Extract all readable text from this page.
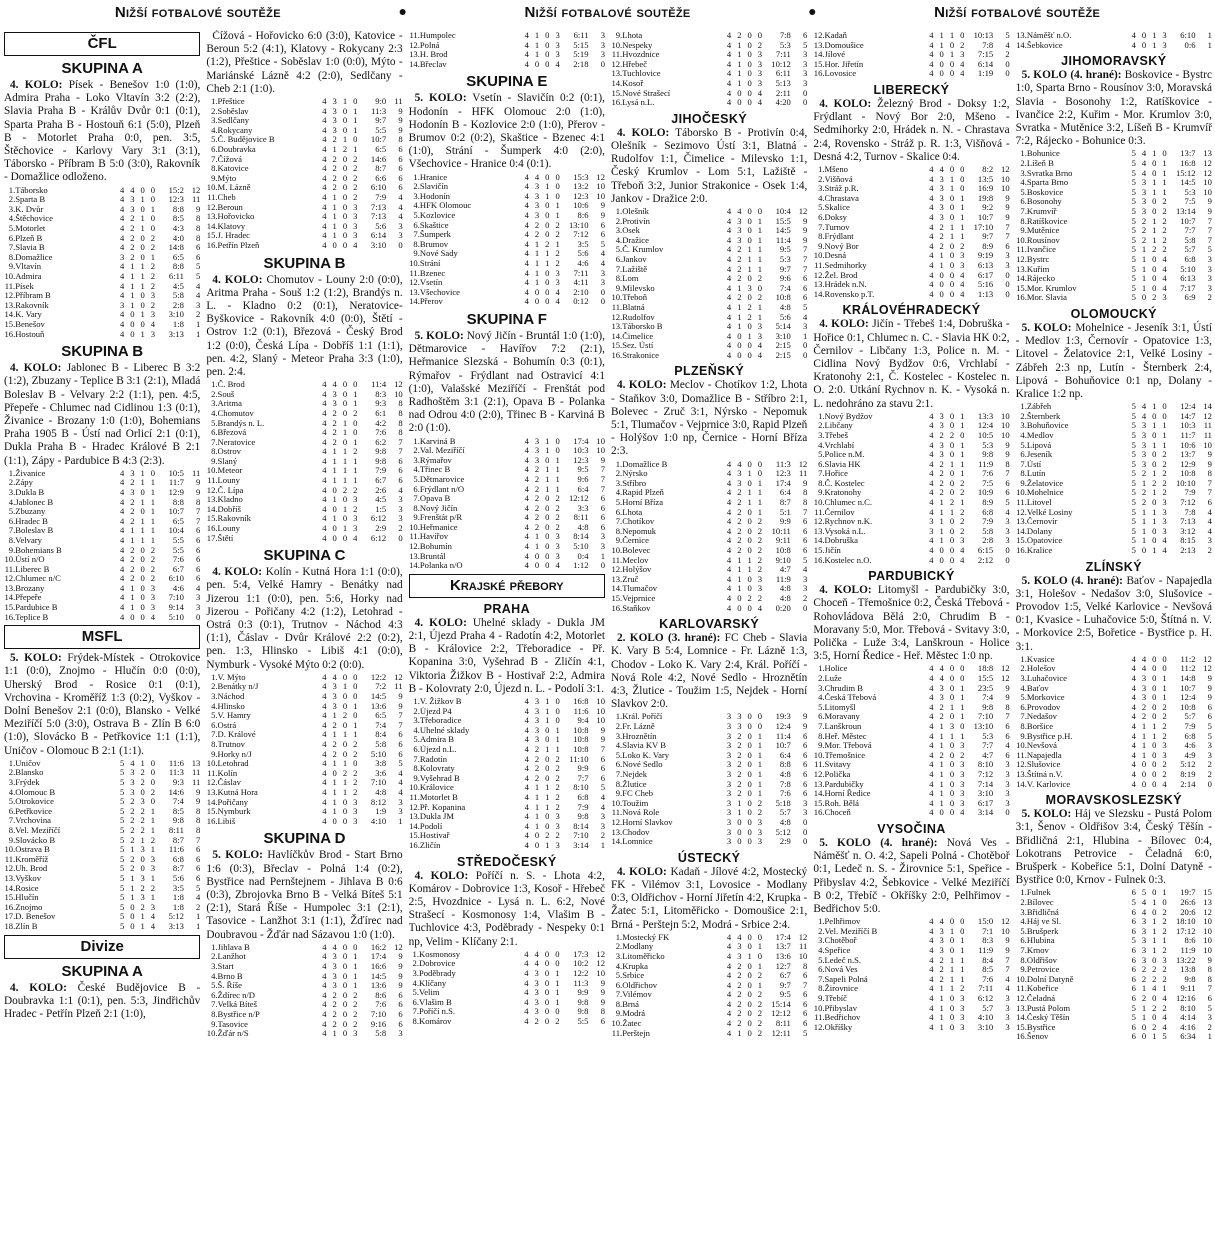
Nižší fotbalové soutěže	●	Nižší fotbalové soutěže	●	Nižší fotbalové soutěže
ČFL
SKUPINA A

4. KOLO: Písek - Benešov 1:0 (1:0), Admira Praha - Loko Vltavín 3:2 (2:2), Slavia Praha B - Králův Dvůr 0:1 (0:1), Sparta Praha B - Hostouň 6:1 (5:0), Plzeň B - Motorlet Praha 0:0, pen. 3:5, Štěchovice - Karlovy Vary 3:1 (3:1), Táborsko - Příbram B 5:0 (3:0), Rakovník - Domažlice odloženo.

1.	Táborsko	4	4	0	0	15:2	12
2.	Sparta B	4	3	1	0	12:3	11
3.	K. Dvůr	4	3	0	1	8:8	9
4.	Štěchovice	4	2	1	0	8:5	8
5.	Motorlet	4	2	1	0	4:3	8
6.	Plzeň B	4	2	0	2	4:0	8
7.	Slavia B	4	2	0	2	14:8	6
8.	Domažlice	3	2	0	1	6:5	6
9.	Vltavín	4	1	1	2	8:8	5
10.	Admira	4	1	1	2	6:11	5
11.	Písek	4	1	1	2	4:5	4
12.	Příbram B	4	1	0	3	5:8	4
13.	Rakovník	3	1	0	2	2:8	3
14.	K. Vary	4	0	1	3	3:10	2
15.	Benešov	4	0	0	4	1:8	1
16.	Hostouň	4	0	1	3	3:13	1
SKUPINA B

4. KOLO: Jablonec B - Liberec B 3:2 (1:2), Zbuzany - Teplice B 3:1 (2:1), Mladá Boleslav B - Velvary 2:2 (1:1), pen. 4:5, Přepeře - Chlumec nad Cidlinou 1:3 (0:1), Živanice - Brozany 1:0 (1:0), Bohemians Praha 1905 B - Ústí nad Orlicí 2:1 (0:1), Dukla Praha B - Hradec Králové B 2:1 (1:1), Zápy - Pardubice B 4:3 (2:3).

1.	Živanice	4	3	1	0	10:5	11
2.	Zápy	4	2	1	1	11:7	9
3.	Dukla B	4	3	0	1	12:9	9
4.	Jablonec B	4	2	1	1	8:8	8
5.	Zbuzany	4	2	0	1	10:7	7
6.	Hradec B	4	2	1	1	6:5	7
7.	Boleslav B	4	1	1	1	10:4	6
8.	Velvary	4	1	1	1	5:5	6
9.	Bohemians B	4	2	0	2	5:5	6
10.	Ústí n/O	4	2	0	2	7:6	6
11.	Liberec B	4	2	0	2	6:7	6
12.	Chlumec n/C	4	2	0	2	6:10	6
13.	Brozany	4	1	0	3	4:6	4
14.	Přepeře	4	1	0	3	7:10	3
15.	Pardubice B	4	1	0	3	9:14	3
16.	Teplice B	4	0	0	4	5:10	0
MSFL

5. KOLO: Frýdek-Místek - Otrokovice 1:1 (0:0), Znojmo - Hlučín 0:0 (0:0), Uherský Brod - Rosice 0:1 (0:1), Vrchovina - Kroměříž 1:3 (0:2), Vyškov - Dolní Benešov 2:1 (0:0), Blansko - Velké Meziříčí 5:0 (3:0), Ostrava B - Zlín B 6:0 (1:0), Slovácko B - Petřkovice 1:1 (1:1), Uničov - Olomouc B 2:1 (1:1).

1.	Uničov	5	4	1	0	11:6	13
2.	Blansko	5	3	2	0	11:3	11
3.	Frýdek	5	3	2	0	9:3	11
4.	Olomouc B	5	3	0	2	14:6	9
5.	Otrokovice	5	2	3	0	7:4	9
6.	Petřkovice	5	2	2	1	8:5	8
7.	Vrchovina	5	2	2	1	9:8	8
8.	Vel. Meziříčí	5	2	2	1	8:11	8
9.	Slovácko B	5	2	1	2	8:7	7
10.	Ostrava B	5	1	3	1	11:6	6
11.	Kroměříž	5	2	0	3	6:8	6
12.	Uh. Brod	5	2	0	3	8:7	6
13.	Vyškov	5	1	3	1	5:6	6
14.	Rosice	5	1	2	2	3:5	5
15.	Hlučín	5	1	3	1	1:8	4
16.	Znojmo	5	0	2	3	1:8	2
17.	D. Benešov	5	0	1	4	5:12	1
18.	Zlín B	5	0	1	4	3:13	1
Divize
SKUPINA A

4. KOLO: České Budějovice B - Doubravka 1:1 (0:1), pen. 5:3, Jindřichův Hradec - Petřín Plzeň 2:1 (1:0),

Čížová - Hořovicko 6:0 (3:0), Katovice - Beroun 5:2 (4:1), Klatovy - Rokycany 2:3 (1:2), Přeštice - Soběslav 1:0 (0:0), Mýto - Mariánské Lázně 4:2 (2:0), Sedlčany - Cheb 2:1 (1:0).

1.	Přeštice	4	3	1	0	9:0	11
2.	Soběslav	4	3	0	1	11:3	9
3.	Sedlčany	4	3	0	1	9:7	9
4.	Rokycany	4	3	0	1	5:5	9
5.	Č. Budějovice B	4	2	1	0	10:7	8
6.	Doubravka	4	1	2	1	6:5	6
7.	Čížová	4	2	0	2	14:6	6
8.	Katovice	4	2	0	2	8:7	6
9.	Mýto	4	2	0	2	6:6	6
10.	M. Lázně	4	2	0	2	6:10	6
11.	Cheb	4	1	0	2	7:9	4
12.	Beroun	4	1	0	3	7:13	4
13.	Hořovicko	4	1	0	3	7:13	4
14.	Klatovy	4	1	0	3	5:6	3
15.	J. Hradec	4	1	0	3	6:14	3
16.	Petřín Plzeň	4	0	0	4	3:10	0
SKUPINA B

4. KOLO: Chomutov - Louny 2:0 (0:0), Aritma Praha - Souš 1:2 (1:2), Brandýs n. L. - Kladno 0:2 (0:1), Neratovice-Byškovice - Rakovník 4:0 (0:0), Štětí - Ostrov 1:2 (0:1), Březová - Český Brod 1:2 (0:0), Česká Lípa - Dobříš 1:1 (1:1), pen. 4:2, Slaný - Meteor Praha 3:3 (1:0), pen. 2:4.

1.	Č. Brod	4	4	0	0	11:4	12
2.	Souš	4	3	0	1	8:3	10
3.	Aritma	4	3	0	1	9:3	8
4.	Chomutov	4	2	0	2	6:1	8
5.	Brandýs n. L.	4	2	1	0	4:2	8
6.	Březová	4	2	1	0	7:6	8
7.	Neratovice	4	2	0	1	6:2	7
8.	Ostrov	4	1	1	2	9:8	7
9.	Slaný	4	1	1	1	9:8	6
10.	Meteor	4	1	1	1	7:9	6
11.	Louny	4	1	1	1	6:7	6
12.	Č. Lípa	4	0	2	2	2:6	4
13.	Kladno	4	1	0	3	4:5	3
14.	Dobříš	4	0	1	2	1:5	3
15.	Rakovník	4	1	0	3	6:12	3
16.	Louny	4	0	1	3	2:9	2
17.	Štětí	4	0	0	4	6:12	0
SKUPINA C

4. KOLO: Kolín - Kutná Hora 1:1 (0:0), pen. 5:4, Velké Hamry - Benátky nad Jizerou 1:1 (0:0), pen. 5:6, Horky nad Jizerou - Pořičany 4:2 (1:2), Letohrad - Ostrá 0:3 (0:1), Trutnov - Náchod 4:3 (1:1), Čáslav - Dvůr Králové 2:2 (0:2), pen. 1:3, Hlinsko - Libiš 4:1 (0:0), Nymburk - Vysoké Mýto 0:2 (0:0).

1.	V. Mýto	4	4	0	0	12:2	12
2.	Benátky n/J	4	3	1	0	7:2	11
3.	Náchod	4	3	0	0	14:5	9
4.	Hlinsko	4	3	0	1	13:6	9
5.	V. Hamry	4	1	2	0	6:5	7
6.	Ostrá	4	2	0	1	7:4	7
7.	D. Králové	4	1	1	1	8:4	6
8.	Trutnov	4	2	0	2	5:8	6
9.	Horky n/J	4	2	0	2	5:10	6
10.	Letohrad	4	1	1	0	3:8	5
11.	Kolín	4	0	2	2	3:6	4
12.	Čáslav	4	1	1	2	7:10	4
13.	Kutná Hora	4	1	1	2	4:8	4
14.	Pořičany	4	1	0	3	8:12	3
15.	Nymburk	4	1	0	3	1:9	3
16.	Libiš	4	0	0	3	4:10	1
SKUPINA D

5. KOLO: Havlíčkův Brod - Start Brno 1:6 (0:3), Břeclav - Polná 1:4 (0:2), Bystřice nad Pernštejnem - Jihlava B 0:6 (0:3), Zbrojovka Brno B - Velká Bíteš 5:1 (2:1), Stará Říše - Humpolec 3:1 (2:1), Tasovice - Lanžhot 3:1 (1:1), Žďírec nad Doubravou - Žďár nad Sázavou 1:0 (1:0).

1.	Jihlava B	4	4	0	0	16:2	12
2.	Lanžhot	4	3	0	1	17:4	9
3.	Start	4	3	0	1	16:6	9
4.	Brno B	4	3	0	1	14:5	9
5.	Š. Říše	4	3	0	1	13:6	9
6.	Ždírec n/D	4	2	0	2	8:6	6
7.	Velká Bíteš	4	2	0	2	7:6	6
8.	Bystřice n/P	4	2	0	2	7:10	6
9.	Tasovice	4	2	0	2	9:16	6
10.	Žďár n/S	4	1	0	3	5:8	3
11.	Humpolec	4	1	0	3	6:11	3
12.	Polná	4	1	0	3	5:15	3
13.	H. Brod	4	1	0	3	5:19	3
14.	Břeclav	4	0	0	4	2:18	0
SKUPINA E

5. KOLO: Vsetín - Slavičín 0:2 (0:1), Hodonín - HFK Olomouc 2:0 (1:0), Hodonín B - Kozlovice 2:0 (1:0), Přerov - Brumov 0:2 (0:2), Skaštice - Bzenec 4:1 (1:0), Strání - Šumperk 4:0 (2:0), Všechovice - Hranice 0:4 (0:1).

1.	Hranice	4	4	0	0	15:3	12
2.	Slavičín	4	3	1	0	13:2	10
3.	Hodonín	4	3	1	0	12:3	10
4.	HFK Olomouc	4	3	0	1	10:6	9
5.	Kozlovice	4	3	0	1	8:6	9
6.	Skaštice	4	2	0	2	13:10	6
7.	Šumperk	4	2	0	2	7:12	6
8.	Brumov	4	1	2	1	3:5	5
9.	Nové Sady	4	1	1	2	5:6	4
10.	Strání	4	1	1	2	4:6	4
11.	Bzenec	4	1	0	3	7:11	3
12.	Vsetín	4	1	0	3	4:11	3
13.	Všechovice	4	0	0	4	2:10	0
14.	Přerov	4	0	0	4	0:12	0
SKUPINA F

5. KOLO: Nový Jičín - Bruntál 1:0 (1:0), Dětmarovice - Havířov 7:2 (2:1), Heřmanice Slezská - Bohumín 0:3 (0:1), Rýmařov - Frýdlant nad Ostravicí 4:1 (1:0), Valašské Meziříčí - Frenštát pod Radhoštěm 3:1 (2:1), Opava B - Polanka nad Odrou 4:0 (2:0), Třinec B - Karviná B 2:0 (1:0).

1.	Karviná B	4	3	1	0	17:4	10
2.	Val. Meziříčí	4	3	1	0	10:3	10
3.	Rýmařov	4	3	0	1	12:3	9
4.	Třinec B	4	2	1	1	9:5	7
5.	Dětmarovice	4	2	1	1	9:6	7
6.	Frýdlant n/O	4	2	1	1	6:4	7
7.	Opava B	4	2	0	2	12:12	6
8.	Nový Jičín	4	2	0	2	3:3	6
9.	Frenštát p/R	4	2	0	2	8:11	6
10.	Heřmanice	4	2	0	2	4:8	6
11.	Havířov	4	1	0	3	8:14	3
12.	Bohumín	4	1	0	3	5:10	3
13.	Bruntál	4	0	0	3	0:4	1
14.	Polanka n/O	4	0	0	4	1:12	0
Krajské přebory
PRAHA

4. KOLO: Uhelné sklady - Dukla JM 2:1, Újezd Praha 4 - Radotín 4:2, Motorlet B - Královice 2:2, Třeboradice - Př. Kopanina 3:0, Vyšehrad B - Zličín 4:1, Viktoria Žižkov B - Hostivař 2:2, Admira B - Kolovraty 2:0, Újezd n. L. - Podolí 3:1.

1.	V. Žižkov B	4	3	1	0	16:8	10
2.	Újezd P4	4	3	1	0	11:6	10
3.	Třeboradice	4	3	1	0	9:4	10
4.	Uhelné sklady	4	3	0	1	10:8	9
5.	Admira B	4	3	0	1	10:8	9
6.	Újezd n.L.	4	2	1	1	10:8	7
7.	Radotín	4	2	0	2	11:10	6
8.	Kolovraty	4	2	0	2	9:9	6
9.	Vyšehrad B	4	2	0	2	7:7	6
10.	Královice	4	1	1	2	8:10	5
11.	Motorlet B	4	1	1	2	6:8	4
12.	Př. Kopanina	4	1	1	2	7:9	4
13.	Dukla JM	4	1	0	3	9:8	3
14.	Podolí	4	1	0	3	8:14	3
15.	Hostivař	4	0	2	2	7:10	2
16.	Zličín	4	0	1	3	3:14	1
STŘEDOČESKÝ

4. KOLO: Poříčí n. S. - Lhota 4:2, Komárov - Dobrovice 1:3, Kosoř - Hřebeč 2:5, Hvozdnice - Lysá n. L. 6:2, Nové Strašecí - Kosmonosy 1:4, Vlašim B - Tuchlovice 4:3, Poděbrady - Nespeky 0:1 np, Velim - Klíčany 2:1.

1.	Kosmonosy	4	4	0	0	17:3	12
2.	Dobrovice	4	4	0	0	10:2	12
3.	Poděbrady	4	3	0	1	12:2	10
4.	Klíčany	4	3	0	1	11:3	9
5.	Velim	4	3	0	1	9:9	9
6.	Vlašim B	4	3	0	1	9:8	9
7.	Poříčí n.S.	4	3	0	0	9:8	8
8.	Komárov	4	2	0	2	5:5	6
9.	Lhota	4	2	0	0	7:8	6
10.	Nespeky	4	1	0	2	5:3	5
11.	Hvozdnice	4	1	0	3	7:11	3
12.	Hřebeč	4	1	0	3	10:12	3
13.	Tuchlovice	4	1	0	3	6:11	3
14.	Kosoř	4	1	0	3	5:13	3
15.	Nové Strašecí	4	0	0	4	2:11	0
16.	Lysá n.L.	4	0	0	4	4:20	0
JIHOČESKÝ

4. KOLO: Táborsko B - Protivín 0:4, Olešník - Sezimovo Ústí 3:1, Blatná - Rudolfov 1:1, Čimelice - Milevsko 1:1, Český Krumlov - Lom 5:1, Lažiště - Třeboň 3:2, Junior Strakonice - Osek 1:4, Jankov - Dražice 2:0.

1.	Olešník	4	4	0	0	10:4	12
2.	Protivín	4	3	0	1	15:5	9
3.	Osek	4	3	0	1	14:5	9
4.	Dražice	4	3	0	1	11:4	9
5.	Č. Krumlov	4	2	1	1	9:5	7
6.	Jankov	4	2	1	1	5:3	7
7.	Lažiště	4	2	1	1	9:7	7
8.	Lom	4	2	0	2	9:6	6
9.	Milevsko	4	1	3	0	7:4	6
10.	Třeboň	4	2	0	2	10:8	6
11.	Blatná	4	1	2	1	4:8	5
12.	Rudolfov	4	1	2	1	5:6	4
13.	Táborsko B	4	1	0	3	5:14	3
14.	Čimelice	4	0	1	3	3:10	1
15.	Sez. Ústí	4	0	0	4	2:15	0
16.	Strakonice	4	0	0	4	2:15	0
PLZEŇSKÝ

4. KOLO: Meclov - Chotíkov 1:2, Lhota - Staňkov 3:0, Domažlice B - Stříbro 2:1, Bolevec - Zruč 3:1, Nýrsko - Nepomuk 5:1, Tlumačov - Vejprnice 3:0, Rapid Plzeň - Holýšov 1:0 np, Černice - Horní Bříza 2:3.

1.	Domažlice B	4	4	0	0	11:3	12
2.	Nýrsko	4	3	1	0	12:3	11
3.	Stříbro	4	3	0	1	17:4	9
4.	Rapid Plzeň	4	2	1	1	6:4	8
5.	Horní Bříza	4	2	1	1	8:7	8
6.	Lhota	4	2	0	1	5:1	7
7.	Chotíkov	4	2	0	2	9:9	6
8.	Nepomuk	4	2	0	2	10:11	6
9.	Černice	4	2	0	2	9:11	6
10.	Bolevec	4	2	0	2	10:8	6
11.	Meclov	4	1	1	2	9:10	5
12.	Holýšov	4	1	1	2	4:7	4
13.	Zruč	4	1	0	3	11:9	3
14.	Tlumačov	4	1	0	3	4:8	3
15.	Vejprnice	4	0	2	2	4:8	2
16.	Staňkov	4	0	0	4	0:20	0
KARLOVARSKÝ

2. KOLO (3. hrané): FC Cheb - Slavia K. Vary B 5:4, Lomnice - Fr. Lázně 1:3, Chodov - Loko K. Vary 2:4, Král. Poříčí - Nová Role 4:2, Nové Sedlo - Hroznětín 4:3, Žlutice - Toužim 1:5, Nejdek - Horní Slavkov 2:0.

1.	Král. Poříčí	3	3	0	0	19:3	9
2.	Fr. Lázně	3	3	0	0	12:4	9
3.	Hroznětín	3	2	0	1	11:4	6
4.	Slavia KV B	3	2	0	1	10:7	6
5.	Loko K. Vary	3	2	0	1	6:4	6
6.	Nové Sedlo	3	2	0	1	8:8	6
7.	Nejdek	3	2	0	1	4:8	6
8.	Žlutice	3	2	0	1	7:8	6
9.	FC Cheb	3	2	0	1	7:6	6
10.	Toužim	3	1	0	2	5:18	3
11.	Nová Role	3	1	0	2	5:7	3
12.	Horní Slavkov	3	0	0	3	4:8	0
13.	Chodov	3	0	0	3	5:12	0
14.	Lomnice	3	0	0	3	2:9	0
ÚSTECKÝ

4. KOLO: Kadaň - Jílové 4:2, Mostecký FK - Vilémov 3:1, Lovosice - Modlany 0:3, Oldřichov - Horní Jiřetín 4:2, Krupka - Žatec 5:1, Litoměřicko - Domoušice 2:1, Brná - Perštejn 5:2, Modrá - Srbice 2:4.

1.	Mostecký FK	4	4	0	0	17:4	12
2.	Modlany	4	3	0	1	13:7	11
3.	Litoměřicko	4	3	1	0	13:6	10
4.	Krupka	4	2	0	1	12:7	8
5.	Srbice	4	2	0	2	6:7	6
6.	Oldřichov	4	2	0	1	9:7	7
7.	Vilémov	4	2	0	2	9:5	6
8.	Brná	4	2	0	2	15:14	6
9.	Modrá	4	2	0	2	12:12	6
10.	Žatec	4	2	0	2	8:11	6
11.	Perštejn	4	1	0	2	12:11	5
12.	Kadaň	4	1	1	0	10:13	5
13.	Domoušice	4	1	0	2	7:8	4
14.	Jílové	4	0	1	3	7:15	2
15.	Hor. Jiřetín	4	0	0	4	6:14	0
16.	Lovosice	4	0	0	4	1:19	0
LIBERECKÝ

4. KOLO: Železný Brod - Doksy 1:2, Frýdlant - Nový Bor 2:0, Mšeno - Sedmihorky 2:0, Hrádek n. N. - Chrastava 2:4, Rovensko - Stráž p. R. 1:3, Višňová - Desná 4:2, Turnov - Skalice 0:4.

1.	Mšeno	4	4	0	0	8:2	12
2.	Višňová	4	3	1	0	13:5	10
3.	Stráž p.R.	4	3	1	0	16:9	10
4.	Chrastava	4	3	0	1	19:8	9
5.	Skalice	4	3	0	1	9:2	9
6.	Doksy	4	3	0	1	10:7	9
7.	Turnov	4	2	1	1	17:10	7
8.	Frýdlant	4	2	1	1	9:7	7
9.	Nový Bor	4	2	0	2	8:9	6
10.	Desná	4	1	0	3	9:19	3
11.	Sedmihorky	4	1	0	3	6:13	3
12.	Žel. Brod	4	0	0	4	6:17	0
13.	Hrádek n.N.	4	0	0	4	5:16	0
14.	Rovensko p.T.	4	0	0	4	1:13	0
KRÁLOVÉHRADECKÝ

4. KOLO: Jičín - Třebeš 1:4, Dobruška - Hořice 0:1, Chlumec n. C. - Slavia HK 0:2, Černilov - Libčany 1:3, Police n. M. - Cidlina Nový Bydžov 0:6, Vrchlabí - Kratonohy 2:1, Č. Kostelec - Kostelec n. O. 2:0. Utkání Rychnov n. K. - Vysoká n. L. nedohráno za stavu 2:1.

1.	Nový Bydžov	4	3	0	1	13:3	10
2.	Libčany	4	3	0	1	12:4	10
3.	Třebeš	4	2	2	0	10:5	10
4.	Vrchlabí	4	3	0	1	5:3	9
5.	Police n.M.	4	3	0	1	9:8	9
6.	Slavia HK	4	2	1	1	11:9	8
7.	Hořice	4	2	0	1	7:6	7
8.	Č. Kostelec	4	2	0	2	7:5	6
9.	Kratonohy	4	2	0	2	10:9	6
10.	Chlumec n.C.	4	1	2	1	8:9	5
11.	Černilov	4	1	1	2	6:8	4
12.	Rychnov n.K.	3	1	0	2	7:9	3
13.	Vysoká n.L.	3	1	0	2	5:8	3
14.	Dobruška	4	1	0	3	2:8	3
15.	Jičín	4	0	0	4	6:15	0
16.	Kostelec n.O.	4	0	0	4	2:12	0
PARDUBICKÝ

4. KOLO: Litomyšl - Pardubičky 3:0, Choceň - Třemošnice 0:2, Česká Třebová - Rohovládova Bělá 2:0, Chrudim B - Moravany 5:0, Mor. Třebová - Svitavy 3:0, Polička - Luže 3:4, Lanškroun - Holice 3:5, Horní Ředice - Heř. Městec 1:0 np.

1.	Holice	4	4	0	0	18:8	12
2.	Luže	4	4	0	0	15:5	12
3.	Chrudim B	4	3	0	1	23:5	9
4.	Česká Třebová	4	3	0	1	7:4	9
5.	Litomyšl	4	2	1	1	9:8	8
6.	Moravany	4	2	0	1	7:10	7
7.	Lanškroun	4	1	3	0	13:10	6
8.	Heř. Městec	4	1	1	1	5:3	6
9.	Mor. Třebová	4	1	0	3	7:7	4
10.	Třemošnice	4	2	0	2	4:7	6
11.	Svitavy	4	1	0	3	8:10	3
12.	Polička	4	1	0	3	7:12	3
13.	Pardubičky	4	1	0	3	7:14	3
14.	Horní Ředice	4	1	0	3	3:10	3
15.	Roh. Bělá	4	1	0	3	6:17	3
16.	Choceň	4	0	0	4	3:14	0
VYSOČINA

5. KOLO (4. hrané): Nová Ves - Náměšť n. O. 4:2, Sapeli Polná - Chotěboř 0:1, Ledeč n. S. - Žirovnice 5:1, Speřice - Přibyslav 4:2, Šebkovice - Velké Meziříčí B 0:2, Třebíč - Okříšky 2:0, Pelhřimov - Bedřichov 5:0.

1.	Pelhřimov	4	4	0	0	15:0	12
2.	Vel. Meziříčí B	4	3	1	0	7:1	10
3.	Chotěboř	4	3	0	1	8:3	9
4.	Speřice	4	3	0	1	11:9	9
5.	Ledeč n.S.	4	2	1	1	8:4	7
6.	Nová Ves	4	2	1	1	8:5	7
7.	Sapeli Polná	4	2	1	1	7:6	4
8.	Žirovnice	4	1	1	2	7:11	4
9.	Třebíč	4	1	0	3	6:12	3
10.	Přibyslav	4	1	0	3	5:7	3
11.	Bedřichov	4	1	0	3	4:10	3
12.	Okříšky	4	1	0	3	3:10	3
13.	Náměšť n.O.	4	0	1	3	6:10	1
14.	Šebkovice	4	0	1	3	0:6	1
JIHOMORAVSKÝ

5. KOLO (4. hrané): Boskovice - Bystrc 1:0, Sparta Brno - Rousínov 3:0, Moravská Slavia - Bosonohy 1:2, Ratíškovice - Ivančice 2:2, Kuřim - Mor. Krumlov 3:0, Svratka - Mutěnice 3:2, Líšeň B - Krumvíř 7:2, Rájecko - Bohunice 0:3.

1.	Bohunice	5	4	1	0	13:7	13
2.	Líšeň B	5	4	0	1	16:8	12
3.	Svratka Brno	5	4	0	1	15:12	12
4.	Sparta Brno	5	3	1	1	14:5	10
5.	Boskovice	5	3	1	1	5:3	10
6.	Bosonohy	5	3	0	2	7:5	9
7.	Krumvíř	5	3	0	2	13:14	9
8.	Ratíškovice	5	2	1	2	10:7	7
9.	Mutěnice	5	2	1	2	7:7	7
10.	Rousínov	5	2	1	2	5:8	7
11.	Ivančice	5	1	2	2	5:7	5
12.	Bystrc	5	1	0	4	6:8	3
13.	Kuřim	5	1	0	4	5:10	3
14.	Rájecko	5	1	0	4	6:13	3
15.	Mor. Krumlov	5	1	0	4	7:17	3
16.	Mor. Slavia	5	0	2	3	6:9	2
OLOMOUCKÝ

5. KOLO: Mohelnice - Jeseník 3:1, Ústí - Medlov 1:3, Černovír - Opatovice 1:3, Litovel - Želatovice 2:1, Velké Losiny - Zábřeh 2:3 np, Lutín - Šternberk 2:4, Lipová - Bohuňovice 0:1 np, Dolany - Kralice 1:2 np.

1.	Zábřeh	5	4	1	0	12:4	14
2.	Šternberk	5	4	0	0	14:7	12
3.	Bohuňovice	5	3	1	1	10:3	11
4.	Medlov	5	3	0	1	11:7	11
5.	Lipová	5	3	1	1	10:6	10
6.	Jeseník	5	3	0	2	13:7	9
7.	Ústí	5	3	0	2	12:9	9
8.	Lutín	5	2	1	2	10:8	8
9.	Želatovice	5	1	2	2	10:10	7
10.	Mohelnice	5	2	1	2	7:9	7
11.	Litovel	5	2	0	3	7:12	6
12.	Velké Losiny	5	1	1	3	7:8	4
13.	Černovír	5	1	1	3	7:13	4
14.	Dolany	5	1	0	3	3:12	4
15.	Opatovice	5	1	0	4	8:15	3
16.	Kralice	5	0	1	4	2:13	2
ZLÍNSKÝ

5. KOLO (4. hrané): Baťov - Napajedla 3:1, Holešov - Nedašov 3:0, Slušovice - Provodov 1:5, Velké Karlovice - Nevšová 0:1, Kvasice - Luhačovice 5:0, Štítná n. V. - Morkovice 2:5, Bořetice - Bystřice p. H. 3:1.

1.	Kvasice	4	4	0	0	11:2	12
2.	Holešov	4	4	0	0	11:2	12
3.	Luhačovice	4	3	0	1	14:8	9
4.	Baťov	4	3	0	1	10:7	9
5.	Morkovice	4	3	0	1	12:4	9
6.	Provodov	4	2	0	2	10:8	6
7.	Nedašov	4	2	0	2	5:7	6
8.	Boršice	4	1	1	2	7:9	5
9.	Bystřice p.H.	4	1	1	2	6:8	5
10.	Nevšová	4	1	0	3	4:6	3
11.	Napajedla	4	1	0	3	4:9	3
12.	Slušovice	4	0	0	2	5:12	2
13.	Štítná n.V.	4	0	0	2	8:19	2
14.	V. Karlovice	4	0	0	4	2:14	0
MORAVSKOSLEZSKÝ

5. KOLO: Háj ve Slezsku - Pustá Polom 3:1, Šenov - Oldřišov 3:4, Český Těšín - Břidličná 2:1, Hlubina - Bílovec 0:4, Lokotrans Petrovice - Čeladná 6:0, Brušperk - Kobeřice 5:1, Dolní Datyně - Bystřice 0:0, Krnov - Fulnek 0:3.

1.	Fulnek	6	5	0	1	19:7	15
2.	Bílovec	5	4	1	0	26:6	13
3.	Břidličná	6	4	0	2	20:6	12
4.	Háj ve Sl.	6	3	1	2	18:10	10
5.	Brušperk	6	3	1	2	17:12	10
6.	Hlubina	5	3	1	1	8:6	10
7.	Krnov	6	3	1	2	11:9	10
8.	Oldřišov	6	3	0	3	13:22	9
9.	Petrovice	6	2	2	2	13:8	8
10.	Dolní Datyně	6	2	2	2	9:8	8
11.	Kobeřice	6	1	4	1	9:11	7
12.	Čeladná	6	2	0	4	12:16	6
13.	Pustá Polom	5	1	2	2	8:10	5
14.	Český Těšín	5	1	0	4	4:14	3
15.	Bystřice	6	0	2	4	4:16	2
16.	Šenov	6	0	1	5	6:34	1
